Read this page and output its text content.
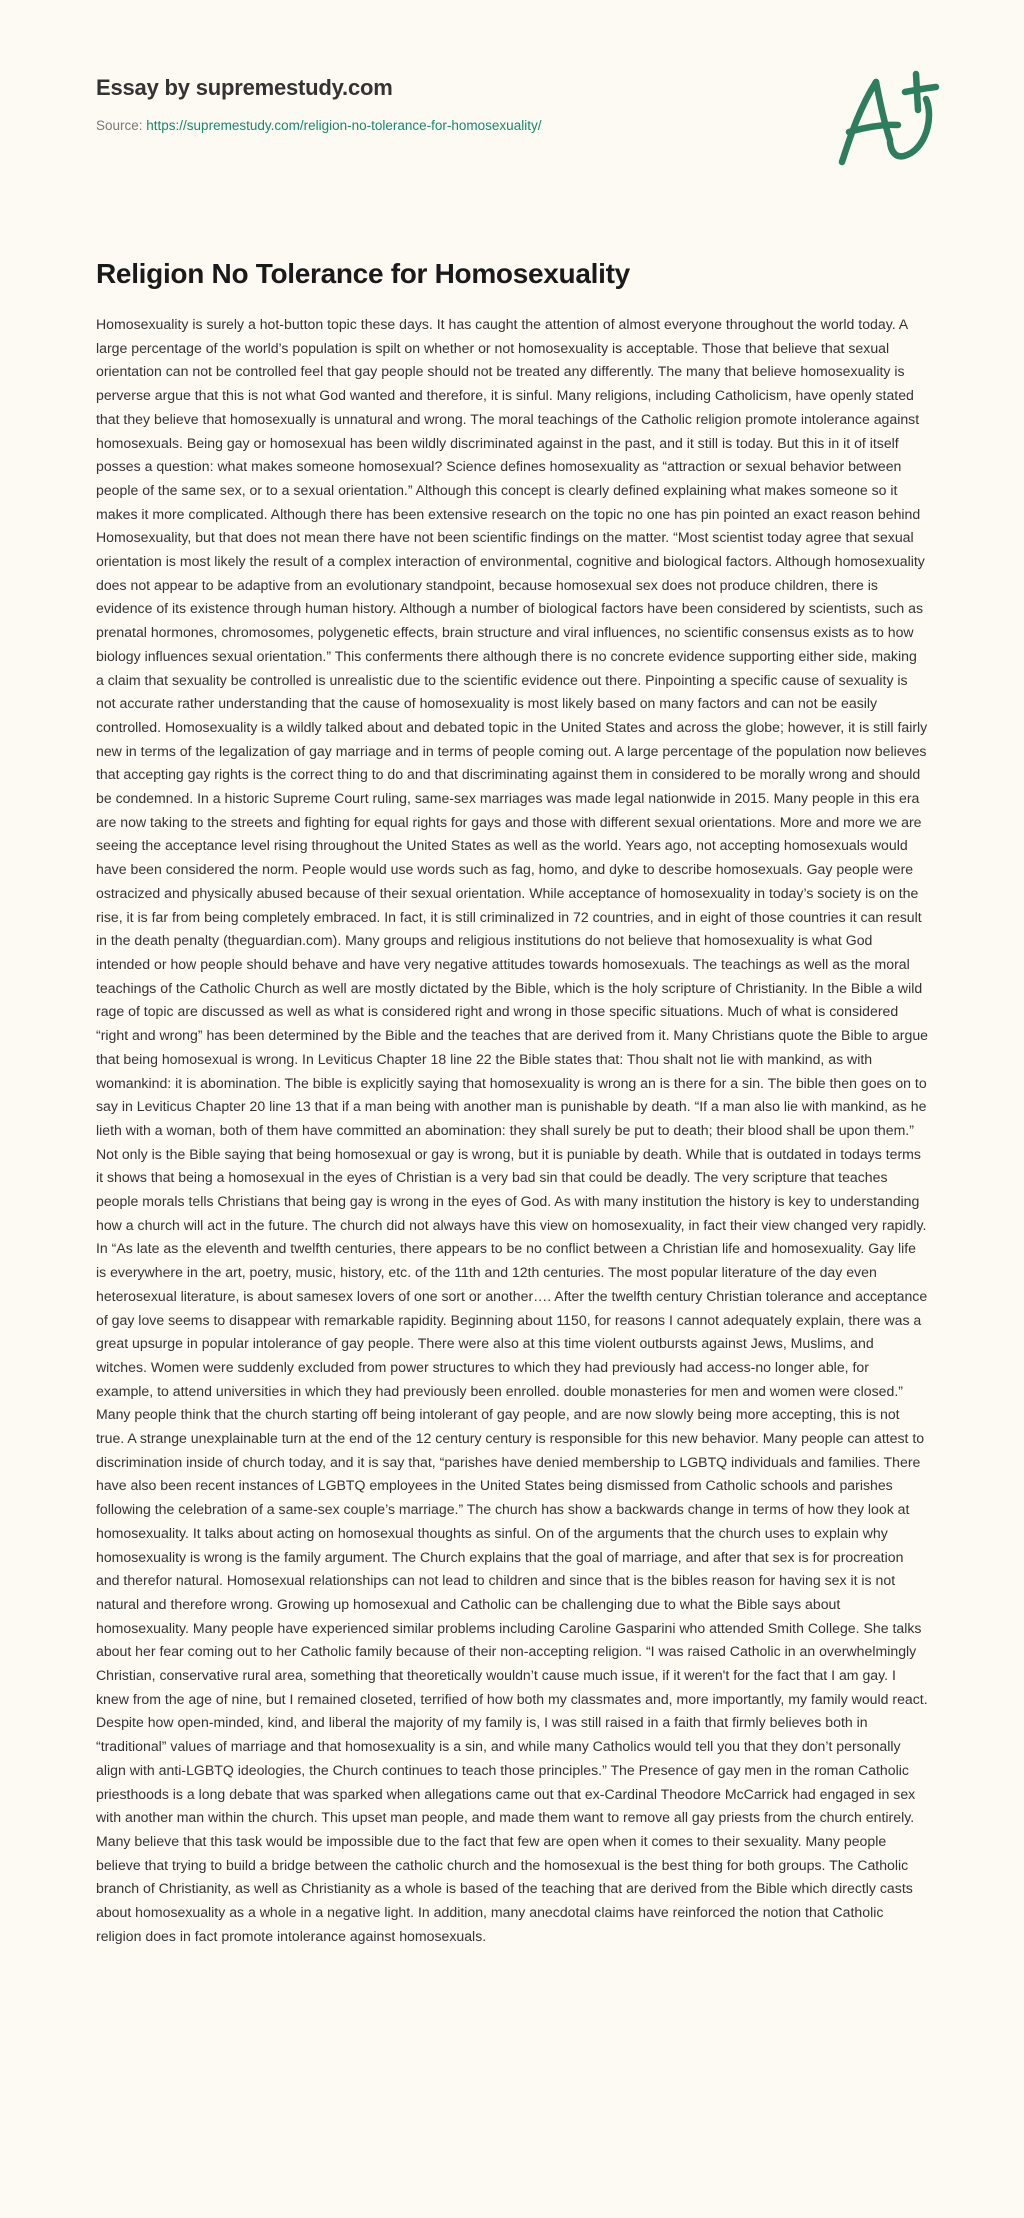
Essay by supremestudy.com
Source: https://supremestudy.com/religion-no-tolerance-for-homosexuality/
Religion No Tolerance for Homosexuality

Homosexuality is surely a hot-button topic these days. It has caught the attention of almost everyone throughout the world today. A large percentage of the world’s population is spilt on whether or not homosexuality is acceptable. Those that believe that sexual orientation can not be controlled feel that gay people should not be treated any differently. The many that believe homosexuality is perverse argue that this is not what God wanted and therefore, it is sinful. Many religions, including Catholicism, have openly stated that they believe that homosexually is unnatural and wrong. The moral teachings of the Catholic religion promote intolerance against homosexuals. Being gay or homosexual has been wildly discriminated against in the past, and it still is today. But this in it of itself posses a question: what makes someone homosexual? Science defines homosexuality as “attraction or sexual behavior between people of the same sex, or to a sexual orientation.” Although this concept is clearly defined explaining what makes someone so it makes it more complicated. Although there has been extensive research on the topic no one has pin pointed an exact reason behind Homosexuality, but that does not mean there have not been scientific findings on the matter. “Most scientist today agree that sexual orientation is most likely the result of a complex interaction of environmental, cognitive and biological factors. Although homosexuality does not appear to be adaptive from an evolutionary standpoint, because homosexual sex does not produce children, there is evidence of its existence through human history. Although a number of biological factors have been considered by scientists, such as prenatal hormones, chromosomes, polygenetic effects, brain structure and viral influences, no scientific consensus exists as to how biology influences sexual orientation.” This conferments there although there is no concrete evidence supporting either side, making a claim that sexuality be controlled is unrealistic due to the scientific evidence out there. Pinpointing a specific cause of sexuality is not accurate rather understanding that the cause of homosexuality is most likely based on many factors and can not be easily controlled. Homosexuality is a wildly talked about and debated topic in the United States and across the globe; however, it is still fairly new in terms of the legalization of gay marriage and in terms of people coming out. A large percentage of the population now believes that accepting gay rights is the correct thing to do and that discriminating against them in considered to be morally wrong and should be condemned. In a historic Supreme Court ruling, same-sex marriages was made legal nationwide in 2015. Many people in this era are now taking to the streets and fighting for equal rights for gays and those with different sexual orientations. More and more we are seeing the acceptance level rising throughout the United States as well as the world. Years ago, not accepting homosexuals would have been considered the norm. People would use words such as fag, homo, and dyke to describe homosexuals. Gay people were ostracized and physically abused because of their sexual orientation. While acceptance of homosexuality in today’s society is on the rise, it is far from being completely embraced. In fact, it is still criminalized in 72 countries, and in eight of those countries it can result in the death penalty (theguardian.com). Many groups and religious institutions do not believe that homosexuality is what God intended or how people should behave and have very negative attitudes towards homosexuals. The teachings as well as the moral teachings of the Catholic Church as well are mostly dictated by the Bible, which is the holy scripture of Christianity. In the Bible a wild rage of topic are discussed as well as what is considered right and wrong in those specific situations. Much of what is considered “right and wrong” has been determined by the Bible and the teaches that are derived from it. Many Christians quote the Bible to argue that being homosexual is wrong. In Leviticus Chapter 18 line 22 the Bible states that: Thou shalt not lie with mankind, as with womankind: it is abomination. The bible is explicitly saying that homosexuality is wrong an is there for a sin. The bible then goes on to say in Leviticus Chapter 20 line 13 that if a man being with another man is punishable by death. “If a man also lie with mankind, as he lieth with a woman, both of them have committed an abomination: they shall surely be put to death; their blood shall be upon them.” Not only is the Bible saying that being homosexual or gay is wrong, but it is puniable by death. While that is outdated in todays terms it shows that being a homosexual in the eyes of Christian is a very bad sin that could be deadly. The very scripture that teaches people morals tells Christians that being gay is wrong in the eyes of God. As with many institution the history is key to understanding how a church will act in the future. The church did not always have this view on homosexuality, in fact their view changed very rapidly. In “As late as the eleventh and twelfth centuries, there appears to be no conflict between a Christian life and homosexuality. Gay life is everywhere in the art, poetry, music, history, etc. of the 11th and 12th centuries. The most popular literature of the day even heterosexual literature, is about samesex lovers of one sort or another…. After the twelfth century Christian tolerance and acceptance of gay love seems to disappear with remarkable rapidity. Beginning about 1150, for reasons I cannot adequately explain, there was a great upsurge in popular intolerance of gay people. There were also at this time violent outbursts against Jews, Muslims, and witches. Women were suddenly excluded from power structures to which they had previously had access-no longer able, for example, to attend universities in which they had previously been enrolled. double monasteries for men and women were closed.” Many people think that the church starting off being intolerant of gay people, and are now slowly being more accepting, this is not true. A strange unexplainable turn at the end of the 12 century century is responsible for this new behavior. Many people can attest to discrimination inside of church today, and it is say that, “parishes have denied membership to LGBTQ individuals and families. There have also been recent instances of LGBTQ employees in the United States being dismissed from Catholic schools and parishes following the celebration of a same-sex couple’s marriage.” The church has show a backwards change in terms of how they look at homosexuality. It talks about acting on homosexual thoughts as sinful. On of the arguments that the church uses to explain why homosexuality is wrong is the family argument. The Church explains that the goal of marriage, and after that sex is for procreation and therefor natural. Homosexual relationships can not lead to children and since that is the bibles reason for having sex it is not natural and therefore wrong. Growing up homosexual and Catholic can be challenging due to what the Bible says about homosexuality. Many people have experienced similar problems including Caroline Gasparini who attended Smith College. She talks about her fear coming out to her Catholic family because of their non-accepting religion. “I was raised Catholic in an overwhelmingly Christian, conservative rural area, something that theoretically wouldn’t cause much issue, if it weren't for the fact that I am gay. I knew from the age of nine, but I remained closeted, terrified of how both my classmates and, more importantly, my family would react. Despite how open-minded, kind, and liberal the majority of my family is, I was still raised in a faith that firmly believes both in “traditional” values of marriage and that homosexuality is a sin, and while many Catholics would tell you that they don’t personally align with anti-LGBTQ ideologies, the Church continues to teach those principles.” The Presence of gay men in the roman Catholic priesthoods is a long debate that was sparked when allegations came out that ex-Cardinal Theodore McCarrick had engaged in sex with another man within the church. This upset man people, and made them want to remove all gay priests from the church entirely. Many believe that this task would be impossible due to the fact that few are open when it comes to their sexuality. Many people believe that trying to build a bridge between the catholic church and the homosexual is the best thing for both groups. The Catholic branch of Christianity, as well as Christianity as a whole is based of the teaching that are derived from the Bible which directly casts about homosexuality as a whole in a negative light. In addition, many anecdotal claims have reinforced the notion that Catholic religion does in fact promote intolerance against homosexuals.
